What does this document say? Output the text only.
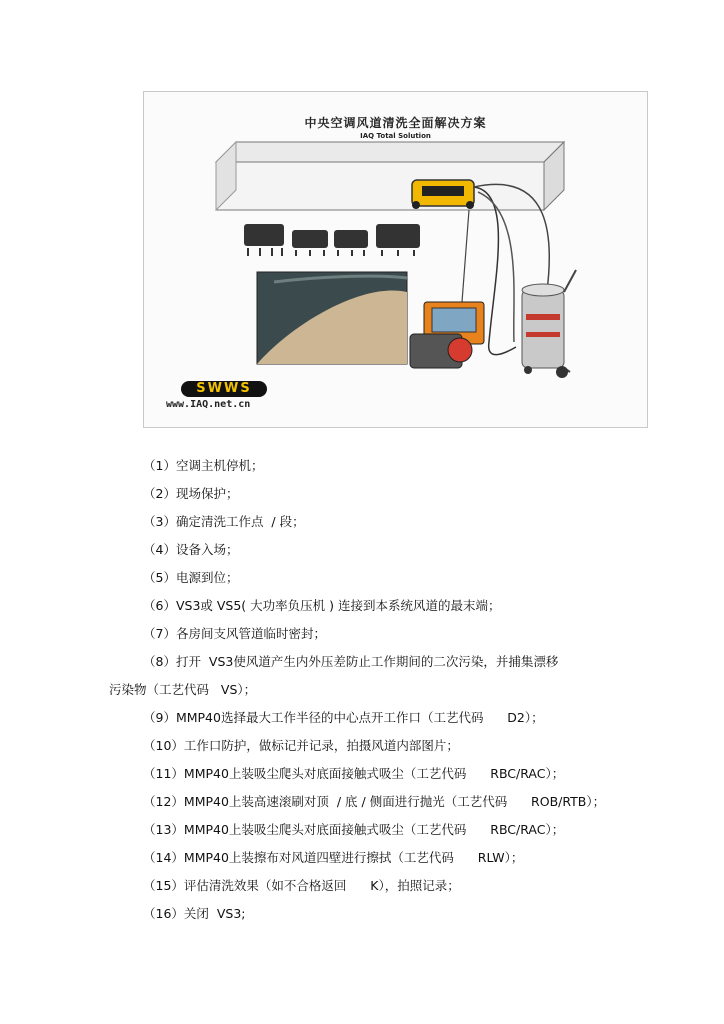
中央空调风道清洗全面解决方案
IAQ Total Solution
SWWS
www.IAQ.net.cn
（1）空调主机停机；
（2）现场保护；
（3）确定清洗工作点  / 段；
（4）设备入场；
（5）电源到位；
（6）VS3或 VS5( 大功率负压机 ) 连接到本系统风道的最末端；
（7）各房间支风管道临时密封；
（8）打开  VS3使风道产生内外压差防止工作期间的二次污染，并捕集漂移
污染物（工艺代码   VS）；
（9）MMP40选择最大工作半径的中心点开工作口（工艺代码      D2）；
（10）工作口防护，做标记并记录，拍摄风道内部图片；
（11）MMP40上装吸尘爬头对底面接触式吸尘（工艺代码      RBC/RAC）；
（12）MMP40上装高速滚刷对顶  / 底 / 侧面进行抛光（工艺代码      ROB/RTB）；
（13）MMP40上装吸尘爬头对底面接触式吸尘（工艺代码      RBC/RAC）；
（14）MMP40上装擦布对风道四壁进行擦拭（工艺代码      RLW）；
（15）评估清洗效果（如不合格返回      K），拍照记录；
（16）关闭  VS3;
